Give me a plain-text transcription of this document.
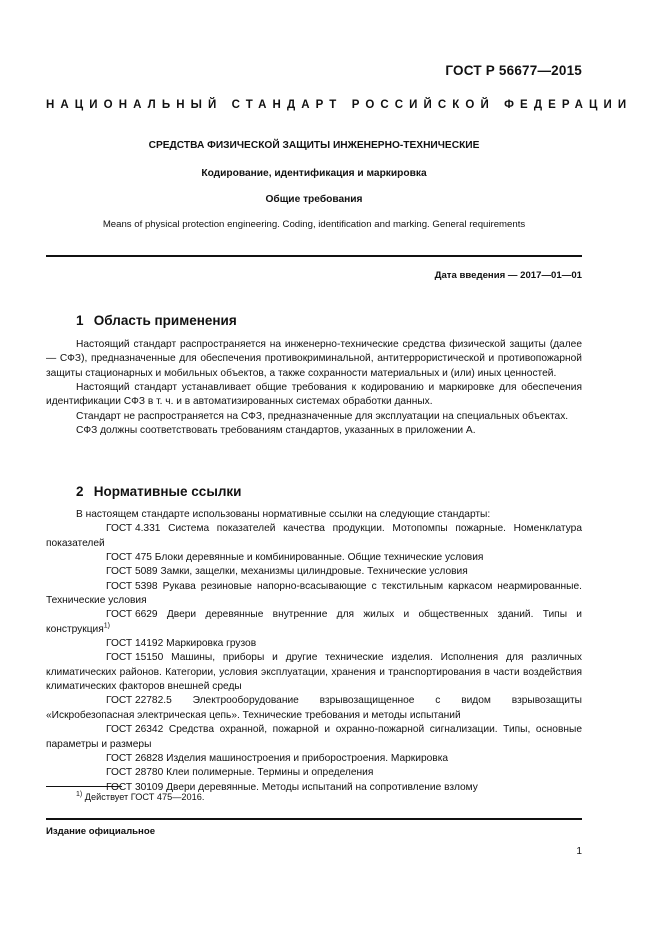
ГОСТ Р 56677—2015
НАЦИОНАЛЬНЫЙ СТАНДАРТ РОССИЙСКОЙ ФЕДЕРАЦИИ
СРЕДСТВА ФИЗИЧЕСКОЙ ЗАЩИТЫ ИНЖЕНЕРНО-ТЕХНИЧЕСКИЕ
Кодирование, идентификация и маркировка
Общие требования
Means of physical protection engineering. Coding, identification and marking. General requirements
Дата введения — 2017—01—01
1 Область применения

Настоящий стандарт распространяется на инженерно-технические средства физической защиты (далее — СФЗ), предназначенные для обеспечения противокриминальной, антитеррористической и противопожарной защиты стационарных и мобильных объектов, а также сохранности материальных и (или) иных ценностей.

Настоящий стандарт устанавливает общие требования к кодированию и маркировке для обеспечения идентификации СФЗ в т. ч. и в автоматизированных системах обработки данных.

Стандарт не распространяется на СФЗ, предназначенные для эксплуатации на специальных объектах.

СФЗ должны соответствовать требованиям стандартов, указанных в приложении А.

2 Нормативные ссылки

В настоящем стандарте использованы нормативные ссылки на следующие стандарты:

ГОСТ 4.331 Система показателей качества продукции. Мотопомпы пожарные. Номенклатура показателей

ГОСТ 475 Блоки деревянные и комбинированные. Общие технические условия

ГОСТ 5089 Замки, защелки, механизмы цилиндровые. Технические условия

ГОСТ 5398 Рукава резиновые напорно-всасывающие с текстильным каркасом неармированные. Технические условия

ГОСТ 6629 Двери деревянные внутренние для жилых и общественных зданий. Типы и конструкция$^{1)}$

ГОСТ 14192 Маркировка грузов

ГОСТ 15150 Машины, приборы и другие технические изделия. Исполнения для различных климатических районов. Категории, условия эксплуатации, хранения и транспортирования в части воздействия климатических факторов внешней среды

ГОСТ 22782.5 Электрооборудование взрывозащищенное с видом взрывозащиты «Искробезопасная электрическая цепь». Технические требования и методы испытаний

ГОСТ 26342 Средства охранной, пожарной и охранно-пожарной сигнализации. Типы, основные параметры и размеры

ГОСТ 26828 Изделия машиностроения и приборостроения. Маркировка

ГОСТ 28780 Клеи полимерные. Термины и определения

ГОСТ 30109 Двери деревянные. Методы испытаний на сопротивление взлому

$^{1)}$ Действует ГОСТ 475—2016.
Издание официальное
1
